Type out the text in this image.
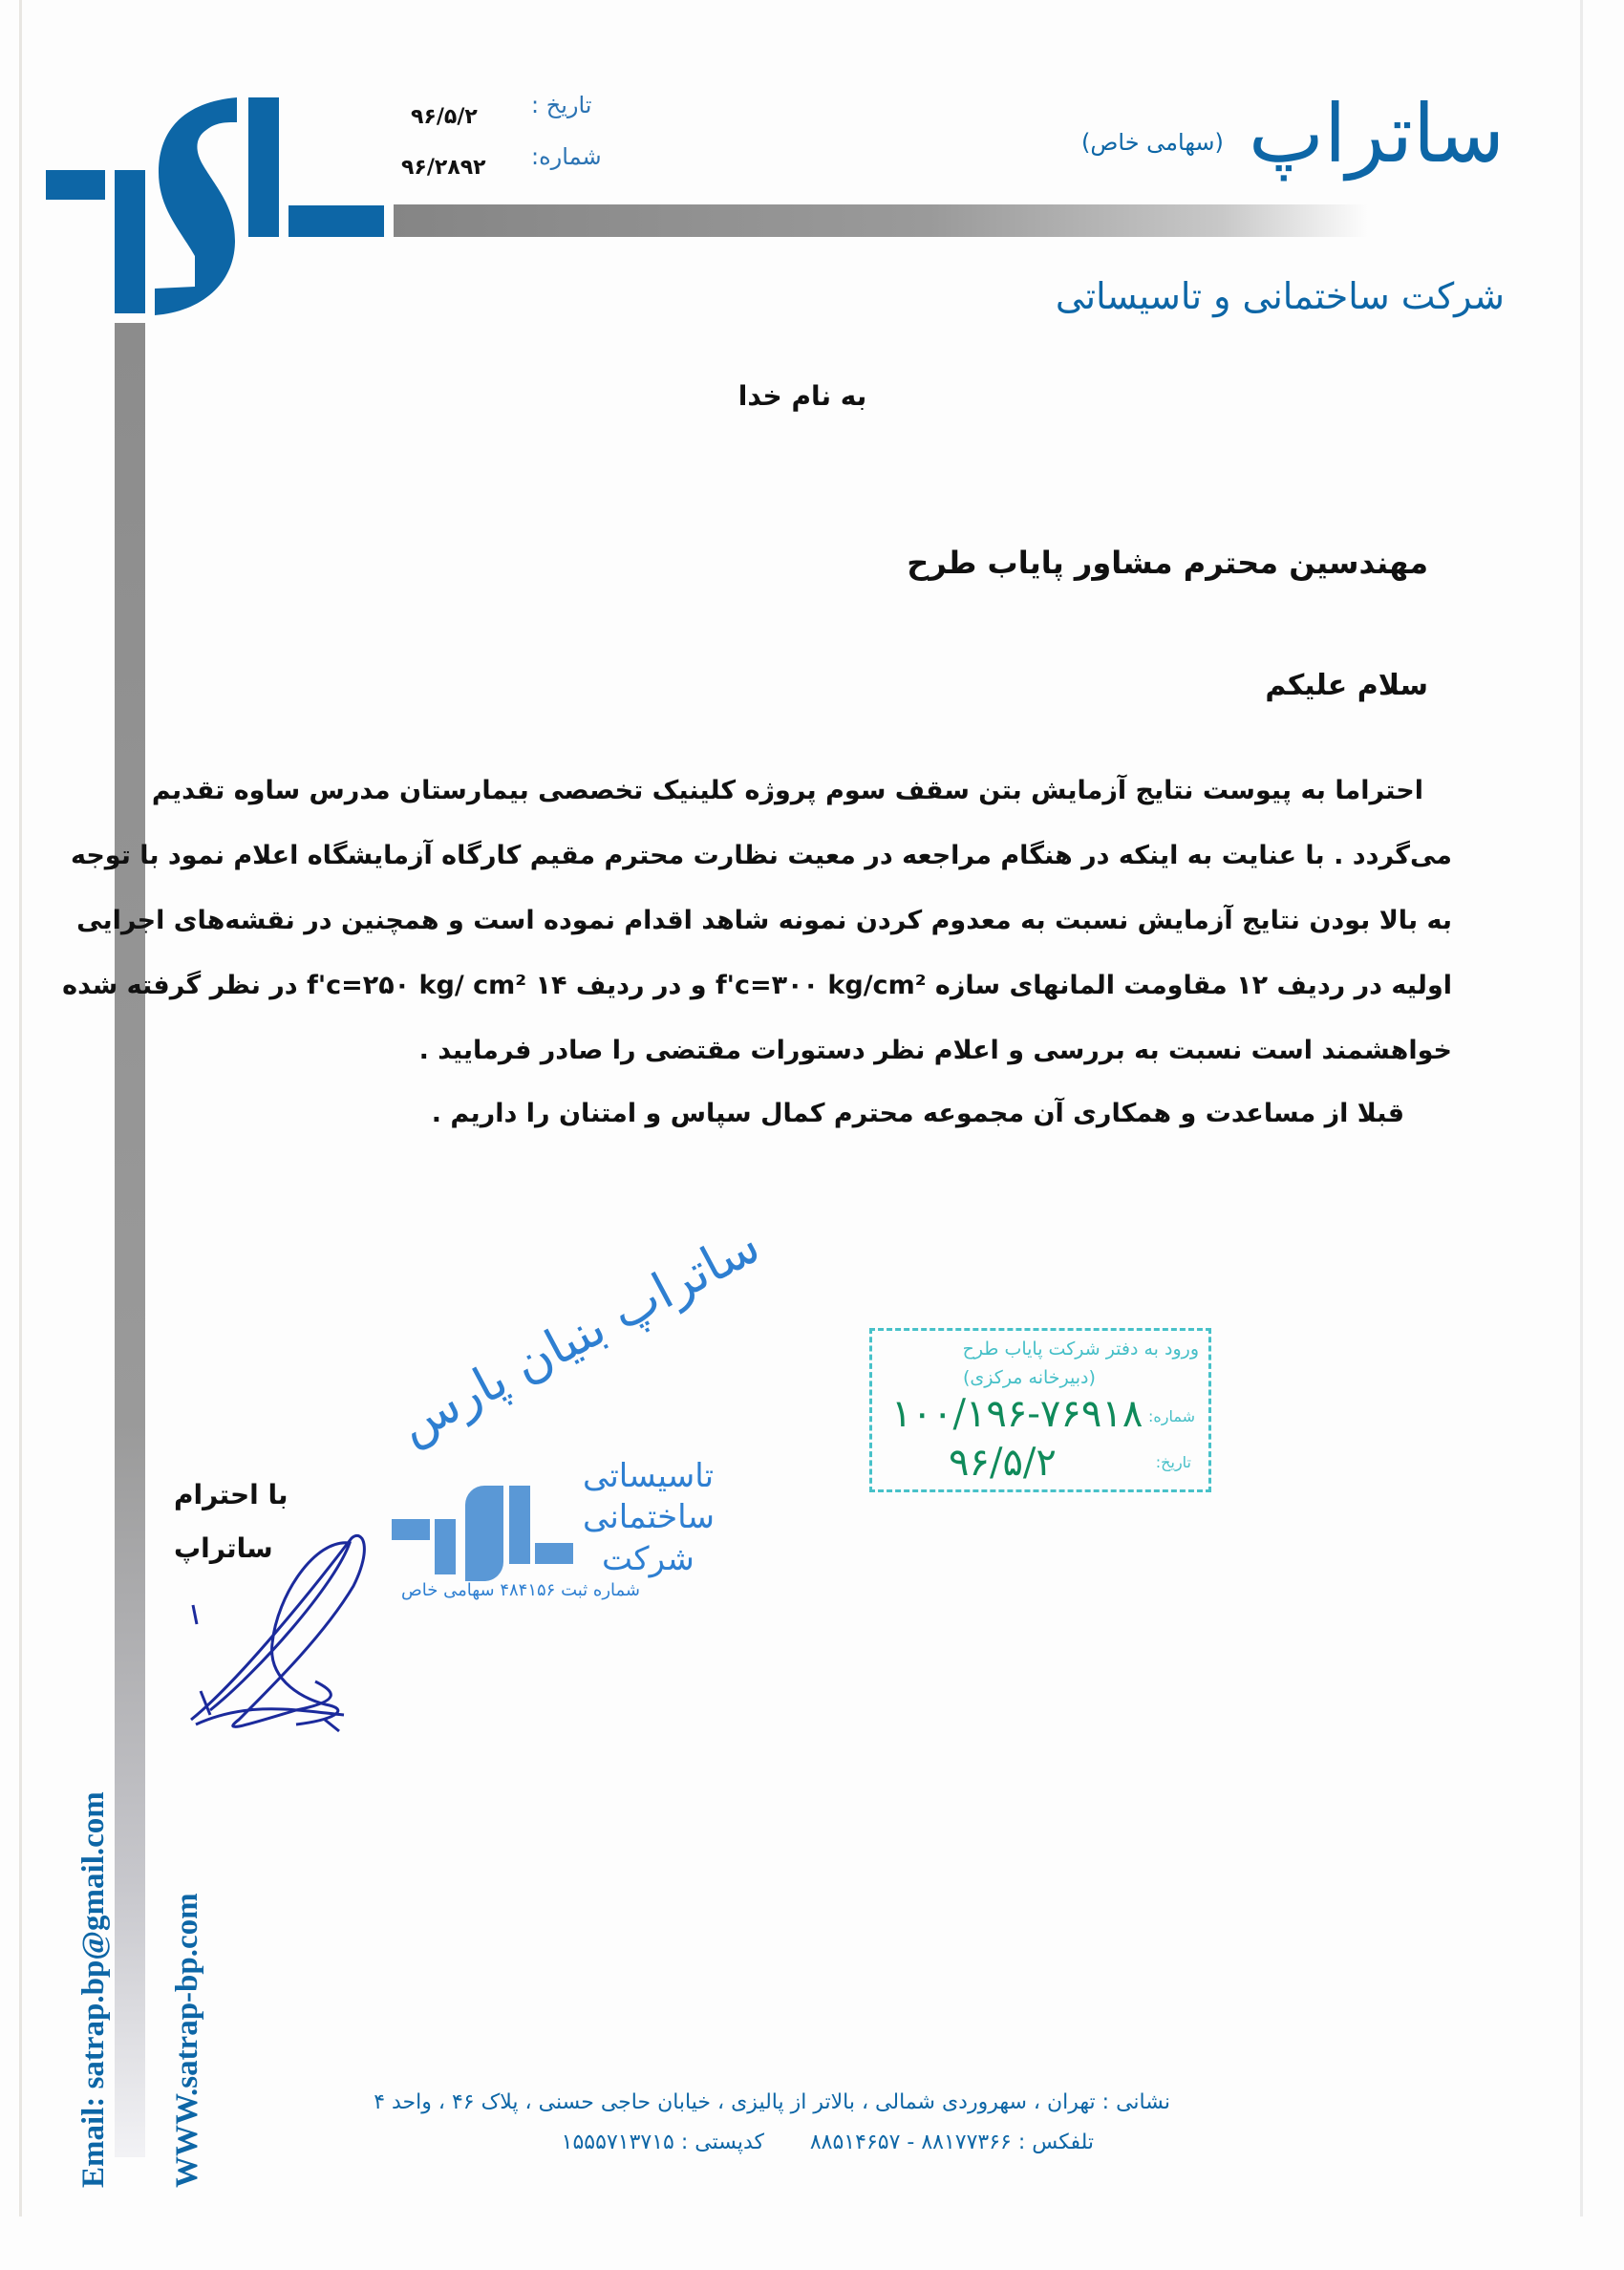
تاریخ :
۹۶/۵/۲
شماره:
۹۶/۲۸۹۲	ساتراپ
(سهامی خاص)
شرکت ساختمانی و تاسیساتی
به نام خدا
مهندسین محترم مشاور پایاب طرح
سلام علیکم
احتراما به پیوست نتایج آزمایش بتن سقف سوم پروژه کلینیک تخصصی بیمارستان مدرس ساوه تقدیم
می‌گردد . با عنایت به اینکه در هنگام مراجعه در معیت نظارت محترم مقیم کارگاه آزمایشگاه اعلام نمود با توجه
به بالا بودن نتایج آزمایش نسبت به معدوم کردن نمونه شاهد اقدام نموده است و همچنین در نقشه‌های اجرایی
اولیه در ردیف ۱۲ مقاومت المانهای سازه f'c=۳۰۰ kg/cm² و در ردیف ۱۴ f'c=۲۵۰ kg/ cm² در نظر گرفته شده
خواهشمند است نسبت به بررسی و اعلام نظر دستورات مقتضی را صادر فرمایید .
قبلا از مساعدت و همکاری آن مجموعه محترم کمال سپاس و امتنان را داریم .
با احترام
ساتراپ
ساتراپ بنیان پارس
تاسیساتی
ساختمانی
شرکت
شماره ثبت ۴۸۴۱۵۶ سهامی خاص
ورود به دفتر شرکت پایاب طرح
(دبیرخانه مرکزی)
شماره:
۱۰۰/۱۹۶-۷۶۹۱۸
تاریخ:
۹۶/۵/۲
نشانی : تهران ، سهروردی شمالی ، بالاتر از پالیزی ، خیابان حاجی حسنی ، پلاک ۴۶ ، واحد ۴
تلفکس : ۸۸۱۷۷۳۶۶ - ۸۸۵۱۴۶۵۷
کدپستی : ۱۵۵۵۷۱۳۷۱۵
Email: satrap.bp@gmail.com WWW.satrap-bp.com
